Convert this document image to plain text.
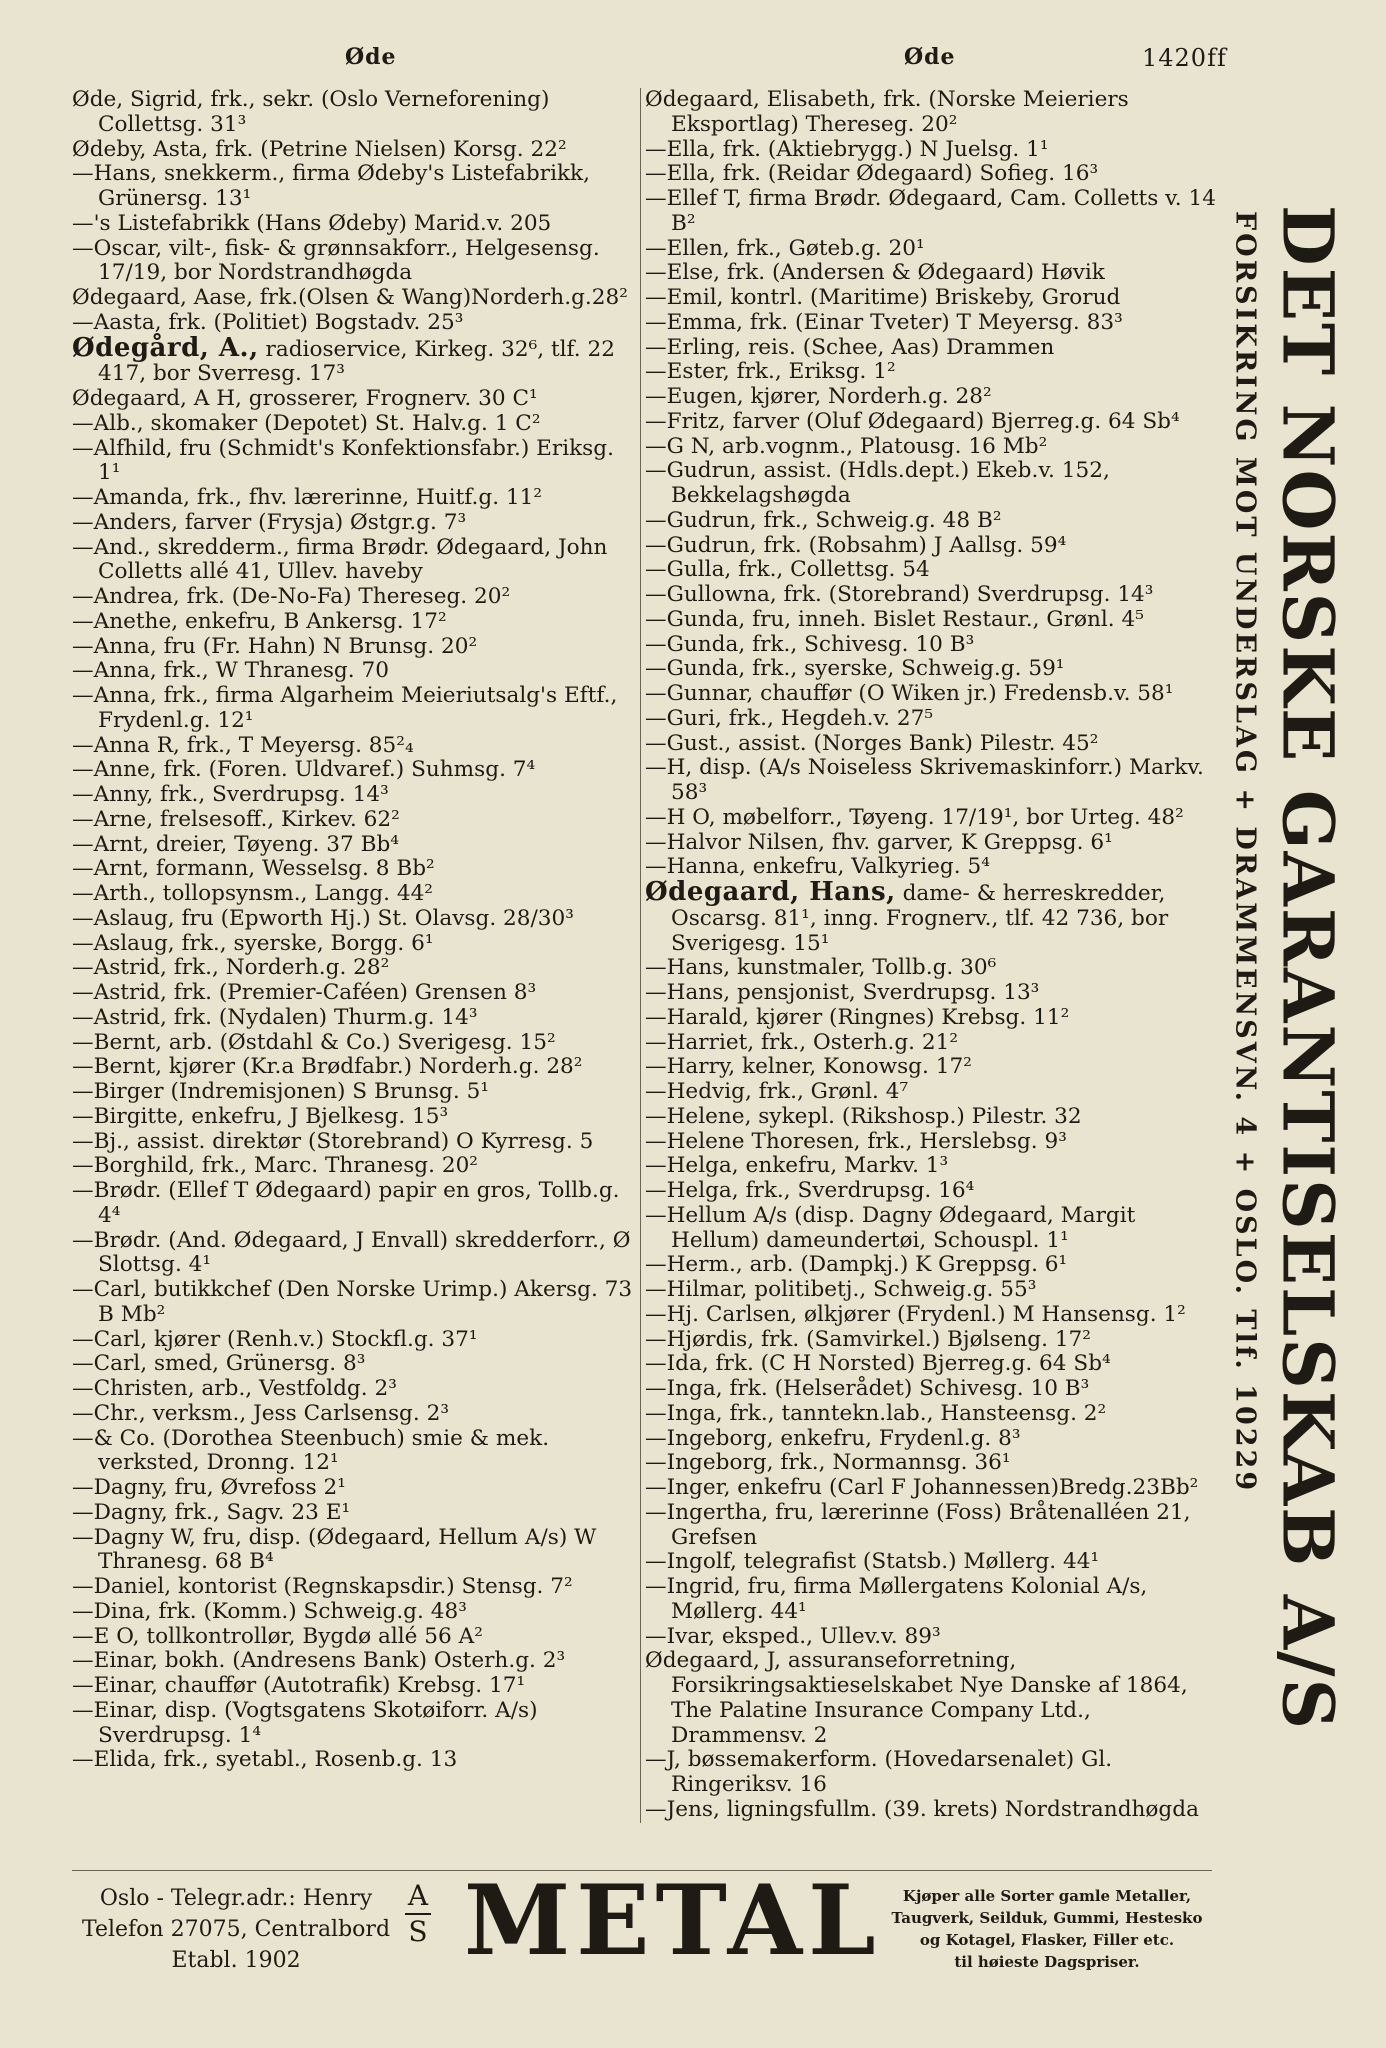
Øde	Øde	1420ff

Øde, Sigrid, frk., sekr. (Oslo Verneforening) Collettsg. 31³

Ødeby, Asta, frk. (Petrine Nielsen) Korsg. 22²

—Hans, snekkerm., firma Ødeby's Listefabrikk, Grünersg. 13¹

—'s Listefabrikk (Hans Ødeby) Marid.v. 205

—Oscar, vilt-, fisk- & grønnsakforr., Helgesensg. 17/19, bor Nordstrandhøgda

Ødegaard, Aase, frk.(Olsen & Wang)Norderh.g.28²

—Aasta, frk. (Politiet) Bogstadv. 25³

Ødegård, A., radioservice, Kirkeg. 32⁶, tlf. 22 417, bor Sverresg. 17³

Ødegaard, A H, grosserer, Frognerv. 30 C¹

—Alb., skomaker (Depotet) St. Halv.g. 1 C²

—Alfhild, fru (Schmidt's Konfektionsfabr.) Eriksg. 1¹

—Amanda, frk., fhv. lærerinne, Huitf.g. 11²

—Anders, farver (Frysja) Østgr.g. 7³

—And., skredderm., firma Brødr. Ødegaard, John Colletts allé 41, Ullev. haveby

—Andrea, frk. (De-No-Fa) Thereseg. 20²

—Anethe, enkefru, B Ankersg. 17²

—Anna, fru (Fr. Hahn) N Brunsg. 20²

—Anna, frk., W Thranesg. 70

—Anna, frk., firma Algarheim Meieriutsalg's Eftf., Frydenl.g. 12¹

—Anna R, frk., T Meyersg. 85²₄

—Anne, frk. (Foren. Uldvaref.) Suhmsg. 7⁴

—Anny, frk., Sverdrupsg. 14³

—Arne, frelsesoff., Kirkev. 62²

—Arnt, dreier, Tøyeng. 37 Bb⁴

—Arnt, formann, Wesselsg. 8 Bb²

—Arth., tollopsynsm., Langg. 44²

—Aslaug, fru (Epworth Hj.) St. Olavsg. 28/30³

—Aslaug, frk., syerske, Borgg. 6¹

—Astrid, frk., Norderh.g. 28²

—Astrid, frk. (Premier-Caféen) Grensen 8³

—Astrid, frk. (Nydalen) Thurm.g. 14³

—Bernt, arb. (Østdahl & Co.) Sverigesg. 15²

—Bernt, kjører (Kr.a Brødfabr.) Norderh.g. 28²

—Birger (Indremisjonen) S Brunsg. 5¹

—Birgitte, enkefru, J Bjelkesg. 15³

—Bj., assist. direktør (Storebrand) O Kyrresg. 5

—Borghild, frk., Marc. Thranesg. 20²

—Brødr. (Ellef T Ødegaard) papir en gros, Tollb.g. 4⁴

—Brødr. (And. Ødegaard, J Envall) skredderforr., Ø Slottsg. 4¹

—Carl, butikkchef (Den Norske Urimp.) Akersg. 73 B Mb²

—Carl, kjører (Renh.v.) Stockfl.g. 37¹

—Carl, smed, Grünersg. 8³

—Christen, arb., Vestfoldg. 2³

—Chr., verksm., Jess Carlsensg. 2³

—& Co. (Dorothea Steenbuch) smie & mek. verksted, Dronng. 12¹

—Dagny, fru, Øvrefoss 2¹

—Dagny, frk., Sagv. 23 E¹

—Dagny W, fru, disp. (Ødegaard, Hellum A/s) W Thranesg. 68 B⁴

—Daniel, kontorist (Regnskapsdir.) Stensg. 7²

—Dina, frk. (Komm.) Schweig.g. 48³

—E O, tollkontrollør, Bygdø allé 56 A²

—Einar, bokh. (Andresens Bank) Osterh.g. 2³

—Einar, chauffør (Autotrafik) Krebsg. 17¹

—Einar, disp. (Vogtsgatens Skotøiforr. A/s) Sverdrupsg. 1⁴

—Elida, frk., syetabl., Rosenb.g. 13

Ødegaard, Elisabeth, frk. (Norske Meieriers Eksportlag) Thereseg. 20²

—Ella, frk. (Aktiebrygg.) N Juelsg. 1¹

—Ella, frk. (Reidar Ødegaard) Sofieg. 16³

—Ellef T, firma Brødr. Ødegaard, Cam. Colletts v. 14 B²

—Ellen, frk., Gøteb.g. 20¹

—Else, frk. (Andersen & Ødegaard) Høvik

—Emil, kontrl. (Maritime) Briskeby, Grorud

—Emma, frk. (Einar Tveter) T Meyersg. 83³

—Erling, reis. (Schee, Aas) Drammen

—Ester, frk., Eriksg. 1²

—Eugen, kjører, Norderh.g. 28²

—Fritz, farver (Oluf Ødegaard) Bjerreg.g. 64 Sb⁴

—G N, arb.vognm., Platousg. 16 Mb²

—Gudrun, assist. (Hdls.dept.) Ekeb.v. 152, Bekkelagshøgda

—Gudrun, frk., Schweig.g. 48 B²

—Gudrun, frk. (Robsahm) J Aallsg. 59⁴

—Gulla, frk., Collettsg. 54

—Gullowna, frk. (Storebrand) Sverdrupsg. 14³

—Gunda, fru, inneh. Bislet Restaur., Grønl. 4⁵

—Gunda, frk., Schivesg. 10 B³

—Gunda, frk., syerske, Schweig.g. 59¹

—Gunnar, chauffør (O Wiken jr.) Fredensb.v. 58¹

—Guri, frk., Hegdeh.v. 27⁵

—Gust., assist. (Norges Bank) Pilestr. 45²

—H, disp. (A/s Noiseless Skrivemaskinforr.) Markv. 58³

—H O, møbelforr., Tøyeng. 17/19¹, bor Urteg. 48²

—Halvor Nilsen, fhv. garver, K Greppsg. 6¹

—Hanna, enkefru, Valkyrieg. 5⁴

Ødegaard, Hans, dame- & herreskredder, Oscarsg. 81¹, inng. Frognerv., tlf. 42 736, bor Sverigesg. 15¹

—Hans, kunstmaler, Tollb.g. 30⁶

—Hans, pensjonist, Sverdrupsg. 13³

—Harald, kjører (Ringnes) Krebsg. 11²

—Harriet, frk., Osterh.g. 21²

—Harry, kelner, Konowsg. 17²

—Hedvig, frk., Grønl. 4⁷

—Helene, sykepl. (Rikshosp.) Pilestr. 32

—Helene Thoresen, frk., Herslebsg. 9³

—Helga, enkefru, Markv. 1³

—Helga, frk., Sverdrupsg. 16⁴

—Hellum A/s (disp. Dagny Ødegaard, Margit Hellum) dameundertøi, Schouspl. 1¹

—Herm., arb. (Dampkj.) K Greppsg. 6¹

—Hilmar, politibetj., Schweig.g. 55³

—Hj. Carlsen, ølkjører (Frydenl.) M Hansensg. 1²

—Hjørdis, frk. (Samvirkel.) Bjølseng. 17²

—Ida, frk. (C H Norsted) Bjerreg.g. 64 Sb⁴

—Inga, frk. (Helserådet) Schivesg. 10 B³

—Inga, frk., tanntekn.lab., Hansteensg. 2²

—Ingeborg, enkefru, Frydenl.g. 8³

—Ingeborg, frk., Normannsg. 36¹

—Inger, enkefru (Carl F Johannessen)Bredg.23Bb²

—Ingertha, fru, lærerinne (Foss) Bråtenalléen 21, Grefsen

—Ingolf, telegrafist (Statsb.) Møllerg. 44¹

—Ingrid, fru, firma Møllergatens Kolonial A/s, Møllerg. 44¹

—Ivar, eksped., Ullev.v. 89³

Ødegaard, J, assuranseforretning, Forsikringsaktieselskabet Nye Danske af 1864, The Palatine Insurance Company Ltd., Drammensv. 2

—J, bøssemakerform. (Hovedarsenalet) Gl. Ringeriksv. 16

—Jens, ligningsfullm. (39. krets) Nordstrandhøgda

DET NORSKE GARANTISELSKAB A/S
FORSIKRING MOT UNDERSLAG + DRAMMENSVN. 4 + OSLO. Tlf. 10229
Oslo - Telegr.adr.: Henry
Telefon 27075, Centralbord
Etabl. 1902
A
S METAL	Kjøper alle Sorter gamle Metaller,
Taugverk, Seilduk, Gummi, Hestesko
og Kotagel, Flasker, Filler etc.
til høieste Dagspriser.
